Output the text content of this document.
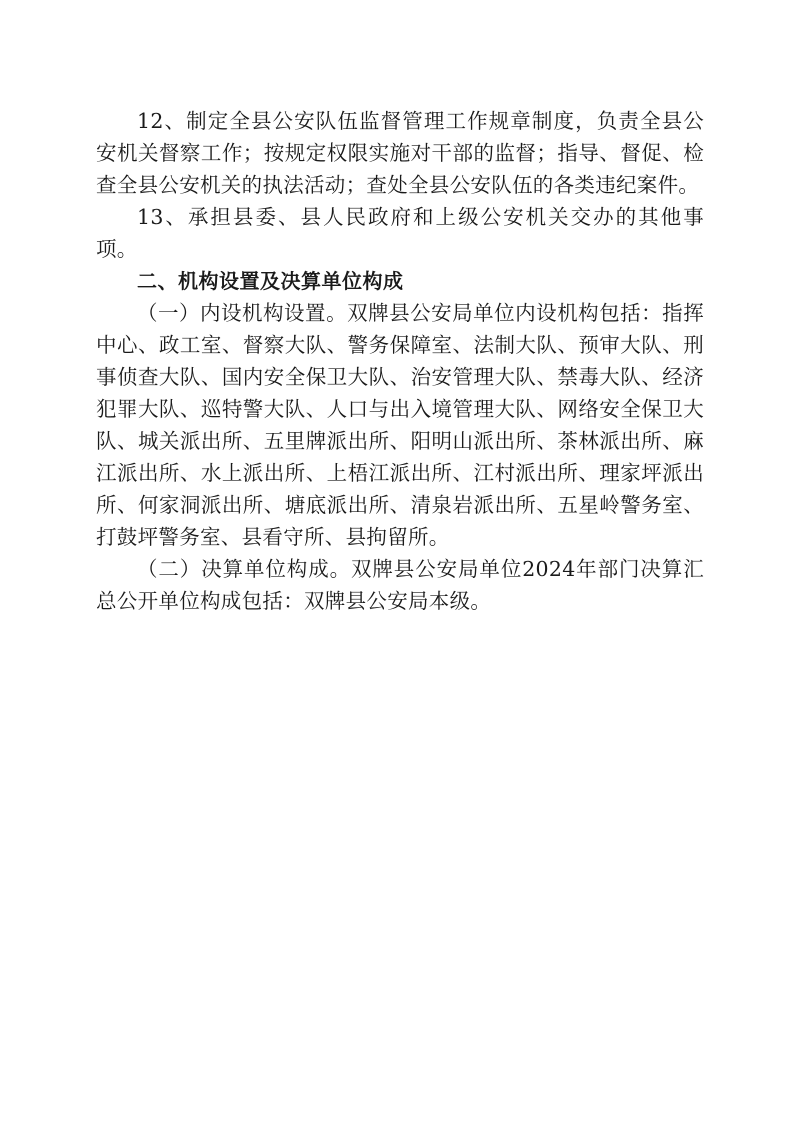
12、制定全县公安队伍监督管理工作规章制度，负责全县公安机关督察工作；按规定权限实施对干部的监督；指导、督促、检查全县公安机关的执法活动；查处全县公安队伍的各类违纪案件。

13、承担县委、县人民政府和上级公安机关交办的其他事项。

二、机构设置及决算单位构成

（一）内设机构设置。双牌县公安局单位内设机构包括：指挥中心、政工室、督察大队、警务保障室、法制大队、预审大队、刑事侦查大队、国内安全保卫大队、治安管理大队、禁毒大队、经济犯罪大队、巡特警大队、人口与出入境管理大队、网络安全保卫大队、城关派出所、五里牌派出所、阳明山派出所、茶林派出所、麻江派出所、水上派出所、上梧江派出所、江村派出所、理家坪派出所、何家洞派出所、塘底派出所、清泉岩派出所、五星岭警务室、打鼓坪警务室、县看守所、县拘留所。

（二）决算单位构成。双牌县公安局单位2024年部门决算汇总公开单位构成包括：双牌县公安局本级。
